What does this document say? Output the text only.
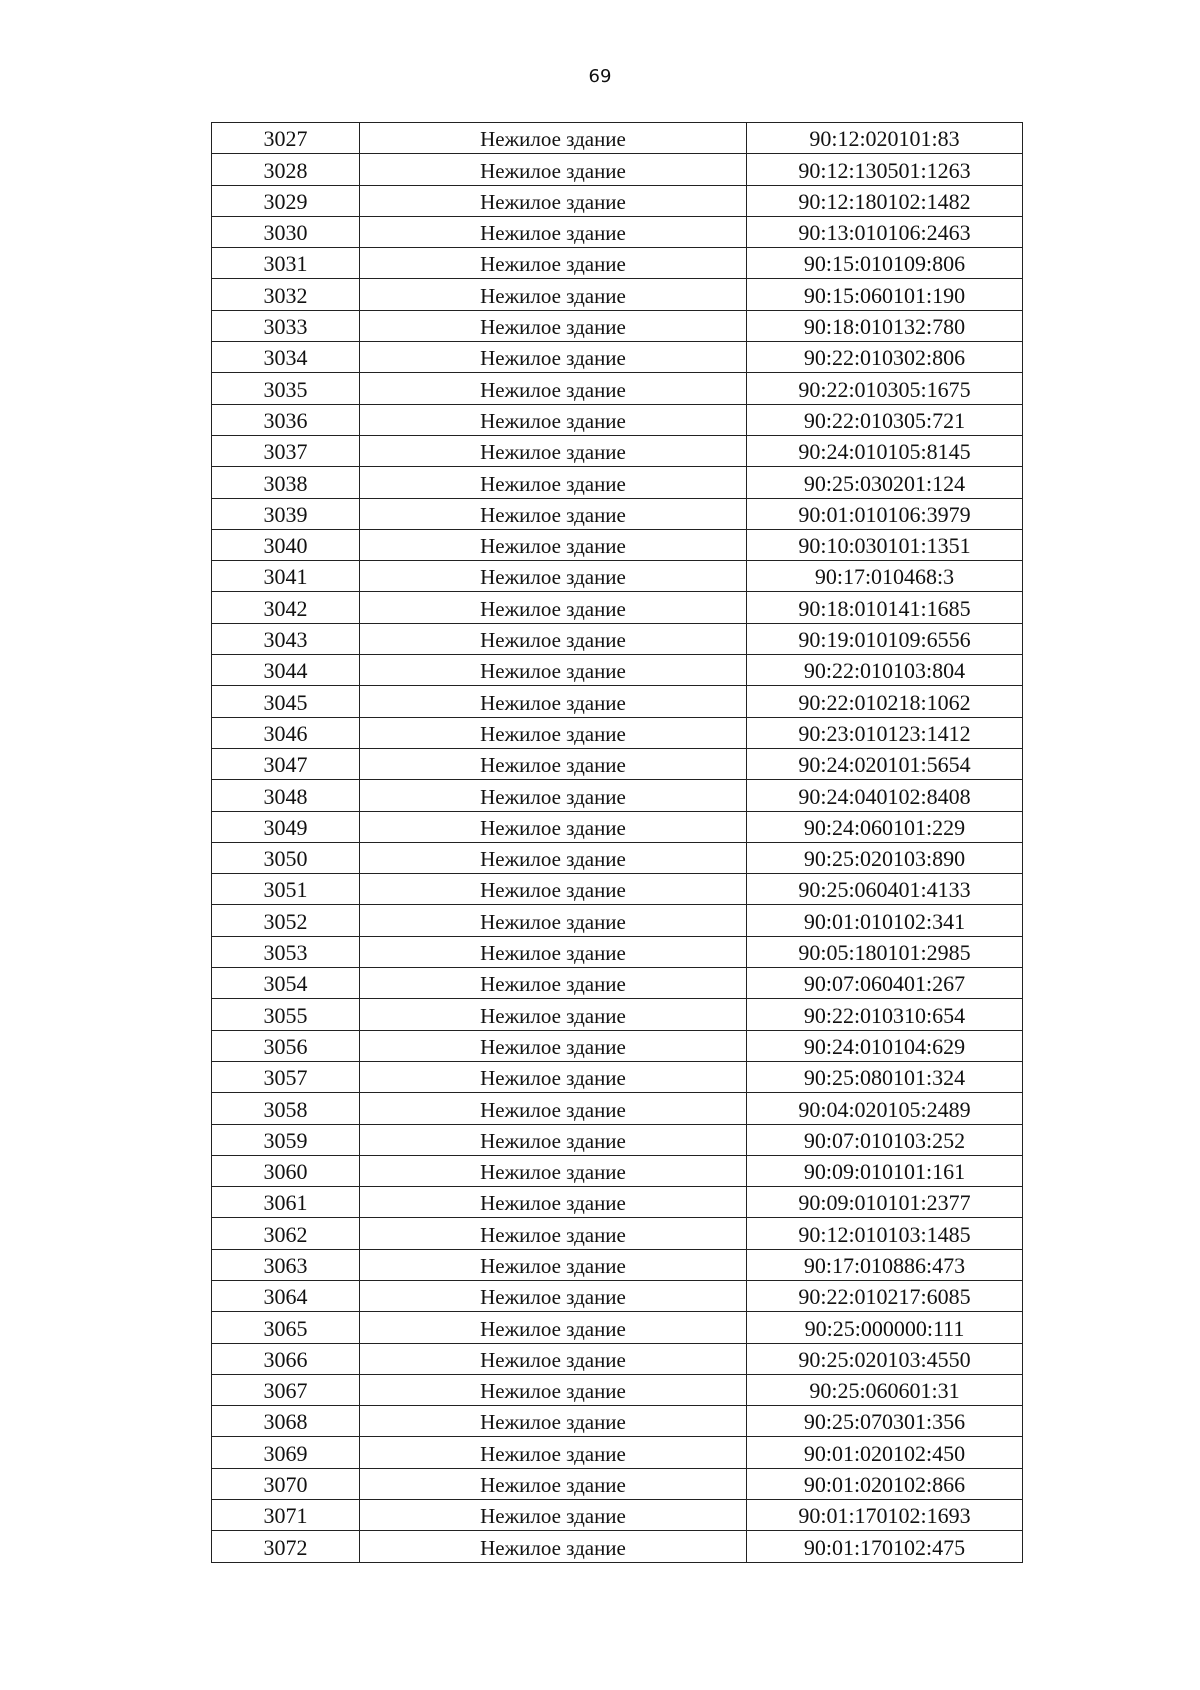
69
3027	Нежилое здание	90:12:020101:83
3028	Нежилое здание	90:12:130501:1263
3029	Нежилое здание	90:12:180102:1482
3030	Нежилое здание	90:13:010106:2463
3031	Нежилое здание	90:15:010109:806
3032	Нежилое здание	90:15:060101:190
3033	Нежилое здание	90:18:010132:780
3034	Нежилое здание	90:22:010302:806
3035	Нежилое здание	90:22:010305:1675
3036	Нежилое здание	90:22:010305:721
3037	Нежилое здание	90:24:010105:8145
3038	Нежилое здание	90:25:030201:124
3039	Нежилое здание	90:01:010106:3979
3040	Нежилое здание	90:10:030101:1351
3041	Нежилое здание	90:17:010468:3
3042	Нежилое здание	90:18:010141:1685
3043	Нежилое здание	90:19:010109:6556
3044	Нежилое здание	90:22:010103:804
3045	Нежилое здание	90:22:010218:1062
3046	Нежилое здание	90:23:010123:1412
3047	Нежилое здание	90:24:020101:5654
3048	Нежилое здание	90:24:040102:8408
3049	Нежилое здание	90:24:060101:229
3050	Нежилое здание	90:25:020103:890
3051	Нежилое здание	90:25:060401:4133
3052	Нежилое здание	90:01:010102:341
3053	Нежилое здание	90:05:180101:2985
3054	Нежилое здание	90:07:060401:267
3055	Нежилое здание	90:22:010310:654
3056	Нежилое здание	90:24:010104:629
3057	Нежилое здание	90:25:080101:324
3058	Нежилое здание	90:04:020105:2489
3059	Нежилое здание	90:07:010103:252
3060	Нежилое здание	90:09:010101:161
3061	Нежилое здание	90:09:010101:2377
3062	Нежилое здание	90:12:010103:1485
3063	Нежилое здание	90:17:010886:473
3064	Нежилое здание	90:22:010217:6085
3065	Нежилое здание	90:25:000000:111
3066	Нежилое здание	90:25:020103:4550
3067	Нежилое здание	90:25:060601:31
3068	Нежилое здание	90:25:070301:356
3069	Нежилое здание	90:01:020102:450
3070	Нежилое здание	90:01:020102:866
3071	Нежилое здание	90:01:170102:1693
3072	Нежилое здание	90:01:170102:475
